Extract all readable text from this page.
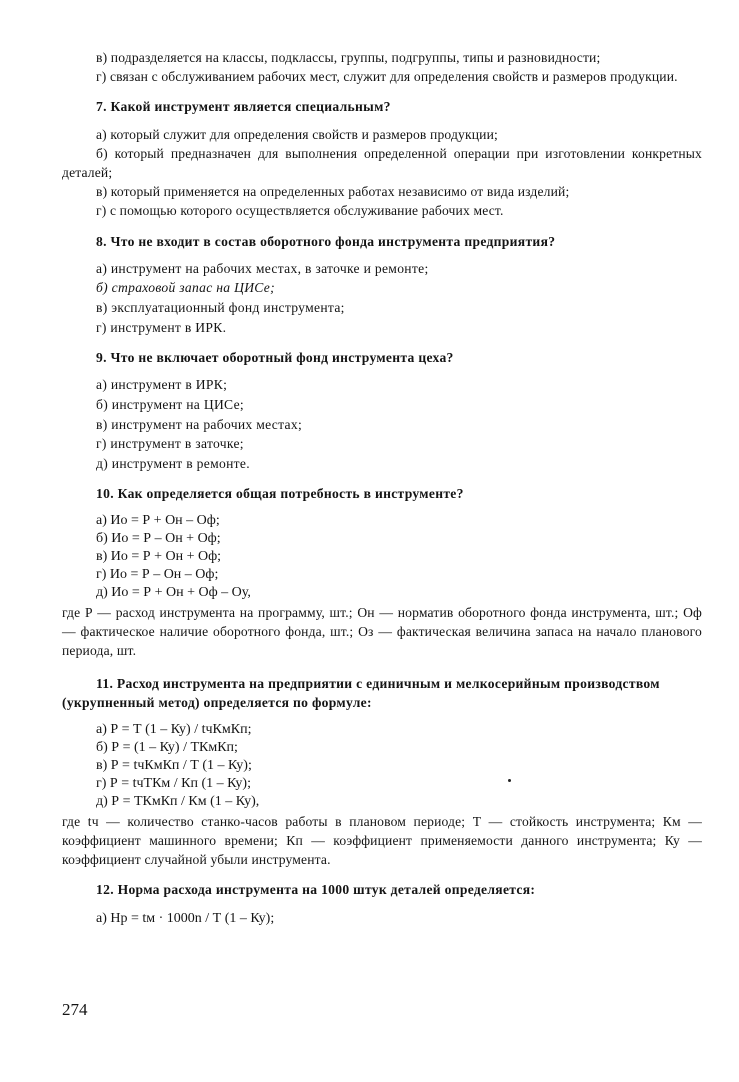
в) подразделяется на классы, подклассы, группы, подгруппы, типы и разновидности;

г) связан с обслуживанием рабочих мест, служит для определения свойств и размеров продукции.

7. Какой инструмент является специальным?

а) который служит для определения свойств и размеров продукции;

б) который предназначен для выполнения определенной операции при изготовлении конкретных деталей;

в) который применяется на определенных работах независимо от вида изделий;

г) с помощью которого осуществляется обслуживание рабочих мест.

8. Что не входит в состав оборотного фонда инструмента предприятия?

а) инструмент на рабочих местах, в заточке и ремонте;

б) страховой запас на ЦИСе;

в) эксплуатационный фонд инструмента;

г) инструмент в ИРК.

9. Что не включает оборотный фонд инструмента цеха?

а) инструмент в ИРК;

б) инструмент на ЦИСе;

в) инструмент на рабочих местах;

г) инструмент в заточке;

д) инструмент в ремонте.

10. Как определяется общая потребность в инструменте?

а) Ио = Р + Он – Оф;

б) Ио = Р – Он + Оф;

в) Ио = Р + Он + Оф;

г) Ио = Р – Он – Оф;

д) Ио = Р + Он + Оф – Оу,

где Р — расход инструмента на программу, шт.; Он — норматив оборотного фонда инструмента, шт.; Оф — фактическое наличие оборотного фонда, шт.; Оз — фактическая величина запаса на начало планового периода, шт.

11. Расход инструмента на предприятии с единичным и мелкосерийным производством (укрупненный метод) определяется по формуле:

а) Р = Т (1 – Ку) / tчКмКп;

б) Р = (1 – Ку) / ТКмКп;

в) Р = tчКмКп / Т (1 – Ку);

г) Р = tчТКм / Кп (1 – Ку);

д) Р = ТКмКп / Км (1 – Ку),

где tч — количество станко-часов работы в плановом периоде; Т — стойкость инструмента; Км — коэффициент машинного времени; Кп — коэффициент применяемости данного инструмента; Ку — коэффициент случайной убыли инструмента.

12. Норма расхода инструмента на 1000 штук деталей определяется:

а) Нр = tм · 1000n / Т (1 – Ку);

274
